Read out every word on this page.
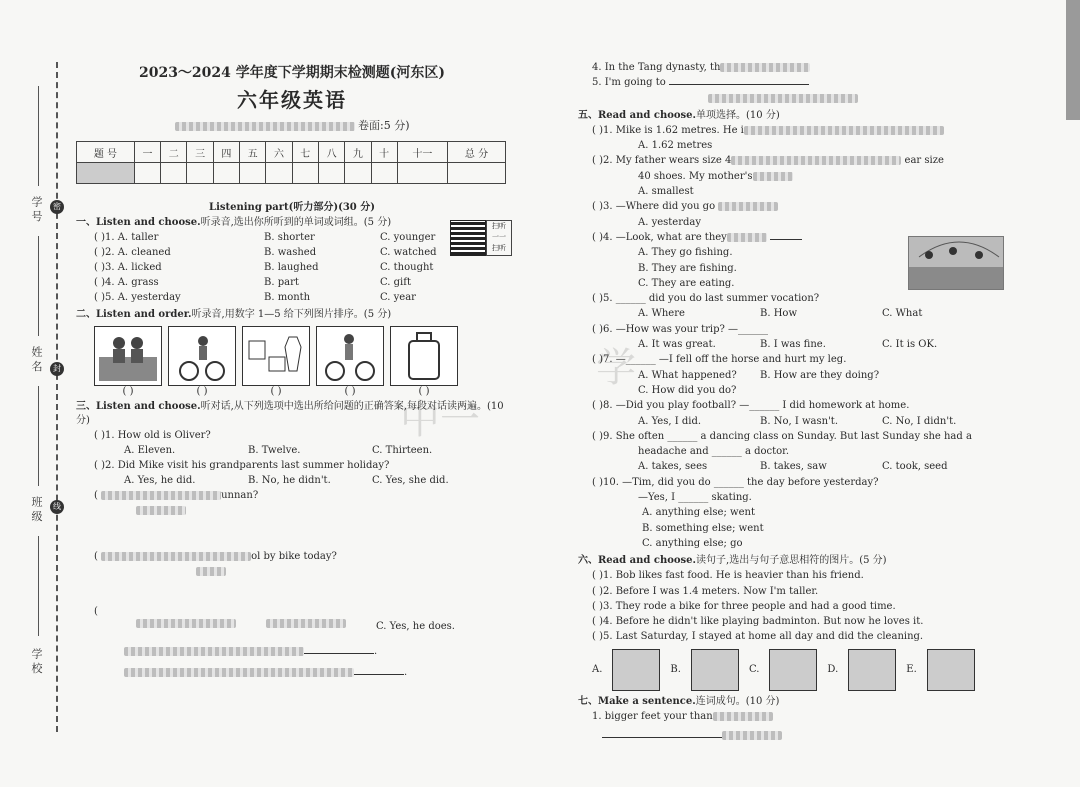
学 号
姓 名
班 级
学 校
密
封
线
中一
学
2023～2024 学年度下学期期末检测题(河东区)
六年级英语
卷面:5 分)
题 号	一	二	三	四	五	六	七	八	九	十	十一	总 分

Listening part(听力部分)(30 分)
扫听
一一
扫听
一、Listen and choose.听录音,选出你所听到的单词或词组。(5 分)
( )1. A. taller	B. shorter	C. younger
( )2. A. cleaned	B. washed	C. watched
( )3. A. licked	B. laughed	C. thought
( )4. A. grass	B. part	C. gift
( )5. A. yesterday	B. month	C. year
二、Listen and order.听录音,用数字 1—5 给下列图片排序。(5 分)
( )	( )	( )	( )	( )
三、Listen and choose.听对话,从下列选项中选出所给问题的正确答案,每段对话读两遍。(10 分)
( )1. How old is Oliver?
A. Eleven.	B. Twelve.	C. Thirteen.
( )2. Did Mike visit his grandparents last summer holiday?
A. Yes, he did.	B. No, he didn't.	C. Yes, she did.
(	unnan?
(	ol by bike today?
(
C. Yes, he does.
.
.
4. In the Tang dynasty, th
5. I'm going to
五、Read and choose.单项选择。(10 分)
( )1. Mike is 1.62 metres. He i
A. 1.62 metres
( )2. My father wears size 4	ear size
40 shoes. My mother's
A. smallest
( )3. —Where did you go
A. yesterday
( )4. —Look, what are they
A. They go fishing.
B. They are fishing.
C. They are eating.
( )5. ______ did you do last summer vocation?
A. Where	B. How	C. What
( )6. —How was your trip? —______
A. It was great.	B. I was fine.	C. It is OK.
( )7. —______ —I fell off the horse and hurt my leg.
A. What happened?	B. How are they doing?
C. How did you do?
( )8. —Did you play football? —______ I did homework at home.
A. Yes, I did.	B. No, I wasn't.	C. No, I didn't.
( )9. She often ______ a dancing class on Sunday. But last Sunday she had a
headache and ______ a doctor.
A. takes, sees	B. takes, saw	C. took, seed
( )10. —Tim, did you do ______ the day before yesterday?
—Yes, I ______ skating.
A. anything else; went
B. something else; went
C. anything else; go
六、Read and choose.读句子,选出与句子意思相符的图片。(5 分)
( )1. Bob likes fast food. He is heavier than his friend.
( )2. Before I was 1.4 meters. Now I'm taller.
( )3. They rode a bike for three people and had a good time.
( )4. Before he didn't like playing badminton. But now he loves it.
( )5. Last Saturday, I stayed at home all day and did the cleaning.
A.	B.	C.	D.	E.
七、Make a sentence.连词成句。(10 分)
1. bigger feet your than
